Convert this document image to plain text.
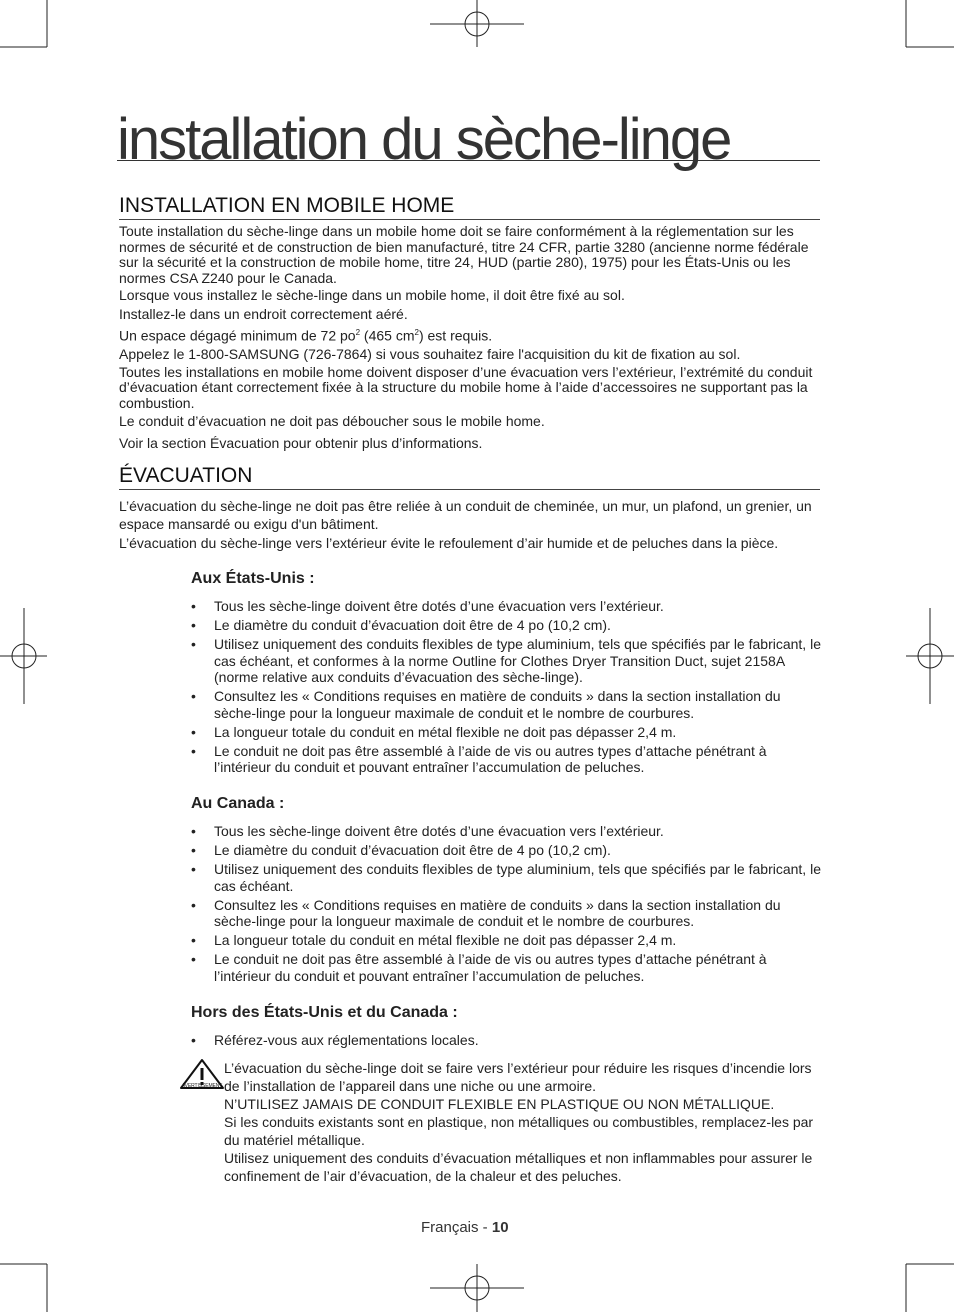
installation du sèche-linge
INSTALLATION EN MOBILE HOME

Toute installation du sèche-linge dans un mobile home doit se faire conformément à la réglementation sur les normes de sécurité et de construction de bien manufacturé, titre 24 CFR, partie 3280 (ancienne norme fédérale sur la sécurité et la construction de mobile home, titre 24, HUD (partie 280), 1975) pour les États-Unis ou les normes CSA Z240 pour le Canada.

Lorsque vous installez le sèche-linge dans un mobile home, il doit être fixé au sol.

Installez-le dans un endroit correctement aéré.

Un espace dégagé minimum de 72 $po^2$ (465 $cm^2$) est requis.

Appelez le 1-800-SAMSUNG (726-7864) si vous souhaitez faire l'acquisition du kit de fixation au sol.

Toutes les installations en mobile home doivent disposer d’une évacuation vers l’extérieur, l’extrémité du conduit d’évacuation étant correctement fixée à la structure du mobile home à l’aide d’accessoires ne supportant pas la combustion.

Le conduit d’évacuation ne doit pas déboucher sous le mobile home.

Voir la section Évacuation pour obtenir plus d’informations.

ÉVACUATION

L’évacuation du sèche-linge ne doit pas être reliée à un conduit de cheminée, un mur, un plafond, un grenier, un espace mansardé ou exigu d'un bâtiment.

L’évacuation du sèche-linge vers l’extérieur évite le refoulement d’air humide et de peluches dans la pièce.

Aux États-Unis :
• Tous les sèche-linge doivent être dotés d’une évacuation vers l’extérieur.
• Le diamètre du conduit d’évacuation doit être de 4 po (10,2 cm).
• Utilisez uniquement des conduits flexibles de type aluminium, tels que spécifiés par le fabricant, le cas échéant, et conformes à la norme Outline for Clothes Dryer Transition Duct, sujet 2158A (norme relative aux conduits d’évacuation des sèche-linge).
• Consultez les « Conditions requises en matière de conduits » dans la section installation du sèche-linge pour la longueur maximale de conduit et le nombre de courbures.
• La longueur totale du conduit en métal flexible ne doit pas dépasser 2,4 m.
• Le conduit ne doit pas être assemblé à l’aide de vis ou autres types d’attache pénétrant à l’intérieur du conduit et pouvant entraîner l’accumulation de peluches.
Au Canada :
• Tous les sèche-linge doivent être dotés d’une évacuation vers l’extérieur.
• Le diamètre du conduit d’évacuation doit être de 4 po (10,2 cm).
• Utilisez uniquement des conduits flexibles de type aluminium, tels que spécifiés par le fabricant, le cas échéant.
• Consultez les « Conditions requises en matière de conduits » dans la section installation du sèche-linge pour la longueur maximale de conduit et le nombre de courbures.
• La longueur totale du conduit en métal flexible ne doit pas dépasser 2,4 m.
• Le conduit ne doit pas être assemblé à l’aide de vis ou autres types d’attache pénétrant à l’intérieur du conduit et pouvant entraîner l’accumulation de peluches.
Hors des États-Unis et du Canada :
• Référez-vous aux réglementations locales.
AVERTISSEMENT

L’évacuation du sèche-linge doit se faire vers l’extérieur pour réduire les risques d’incendie lors de l’installation de l’appareil dans une niche ou une armoire.

N’UTILISEZ JAMAIS DE CONDUIT FLEXIBLE EN PLASTIQUE OU NON MÉTALLIQUE.

Si les conduits existants sont en plastique, non métalliques ou combustibles, remplacez-les par du matériel métallique.

Utilisez uniquement des conduits d’évacuation métalliques et non inflammables pour assurer le confinement de l’air d’évacuation, de la chaleur et des peluches.

Français - 10
